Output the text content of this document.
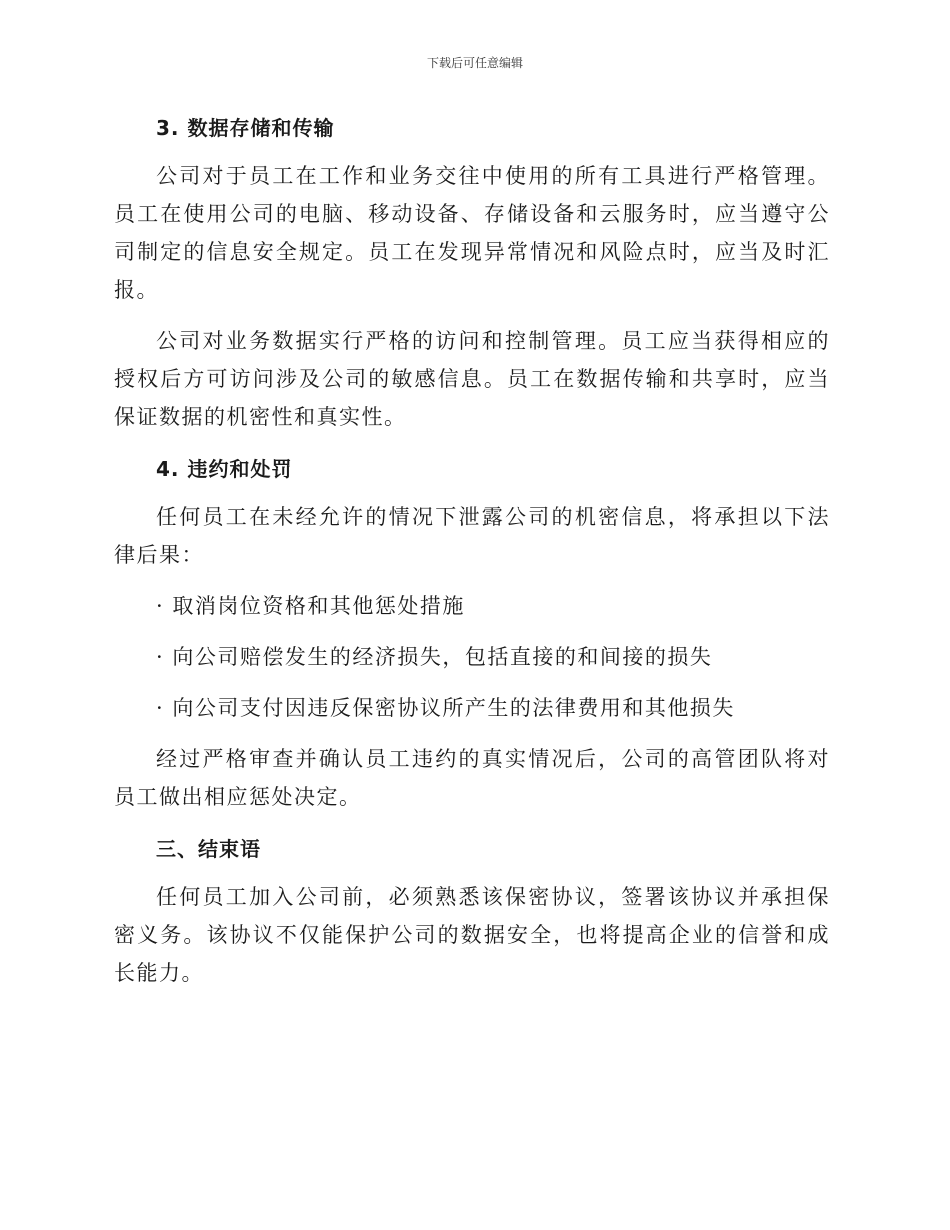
下载后可任意编辑
3. 数据存储和传输

公司对于员工在工作和业务交往中使用的所有工具进行严格管理。员工在使用公司的电脑、移动设备、存储设备和云服务时，应当遵守公司制定的信息安全规定。员工在发现异常情况和风险点时，应当及时汇报。

公司对业务数据实行严格的访问和控制管理。员工应当获得相应的授权后方可访问涉及公司的敏感信息。员工在数据传输和共享时，应当保证数据的机密性和真实性。

4. 违约和处罚

任何员工在未经允许的情况下泄露公司的机密信息，将承担以下法律后果：

· 取消岗位资格和其他惩处措施

· 向公司赔偿发生的经济损失，包括直接的和间接的损失

· 向公司支付因违反保密协议所产生的法律费用和其他损失

经过严格审查并确认员工违约的真实情况后，公司的高管团队将对员工做出相应惩处决定。

三、结束语

任何员工加入公司前，必须熟悉该保密协议，签署该协议并承担保密义务。该协议不仅能保护公司的数据安全，也将提高企业的信誉和成长能力。
